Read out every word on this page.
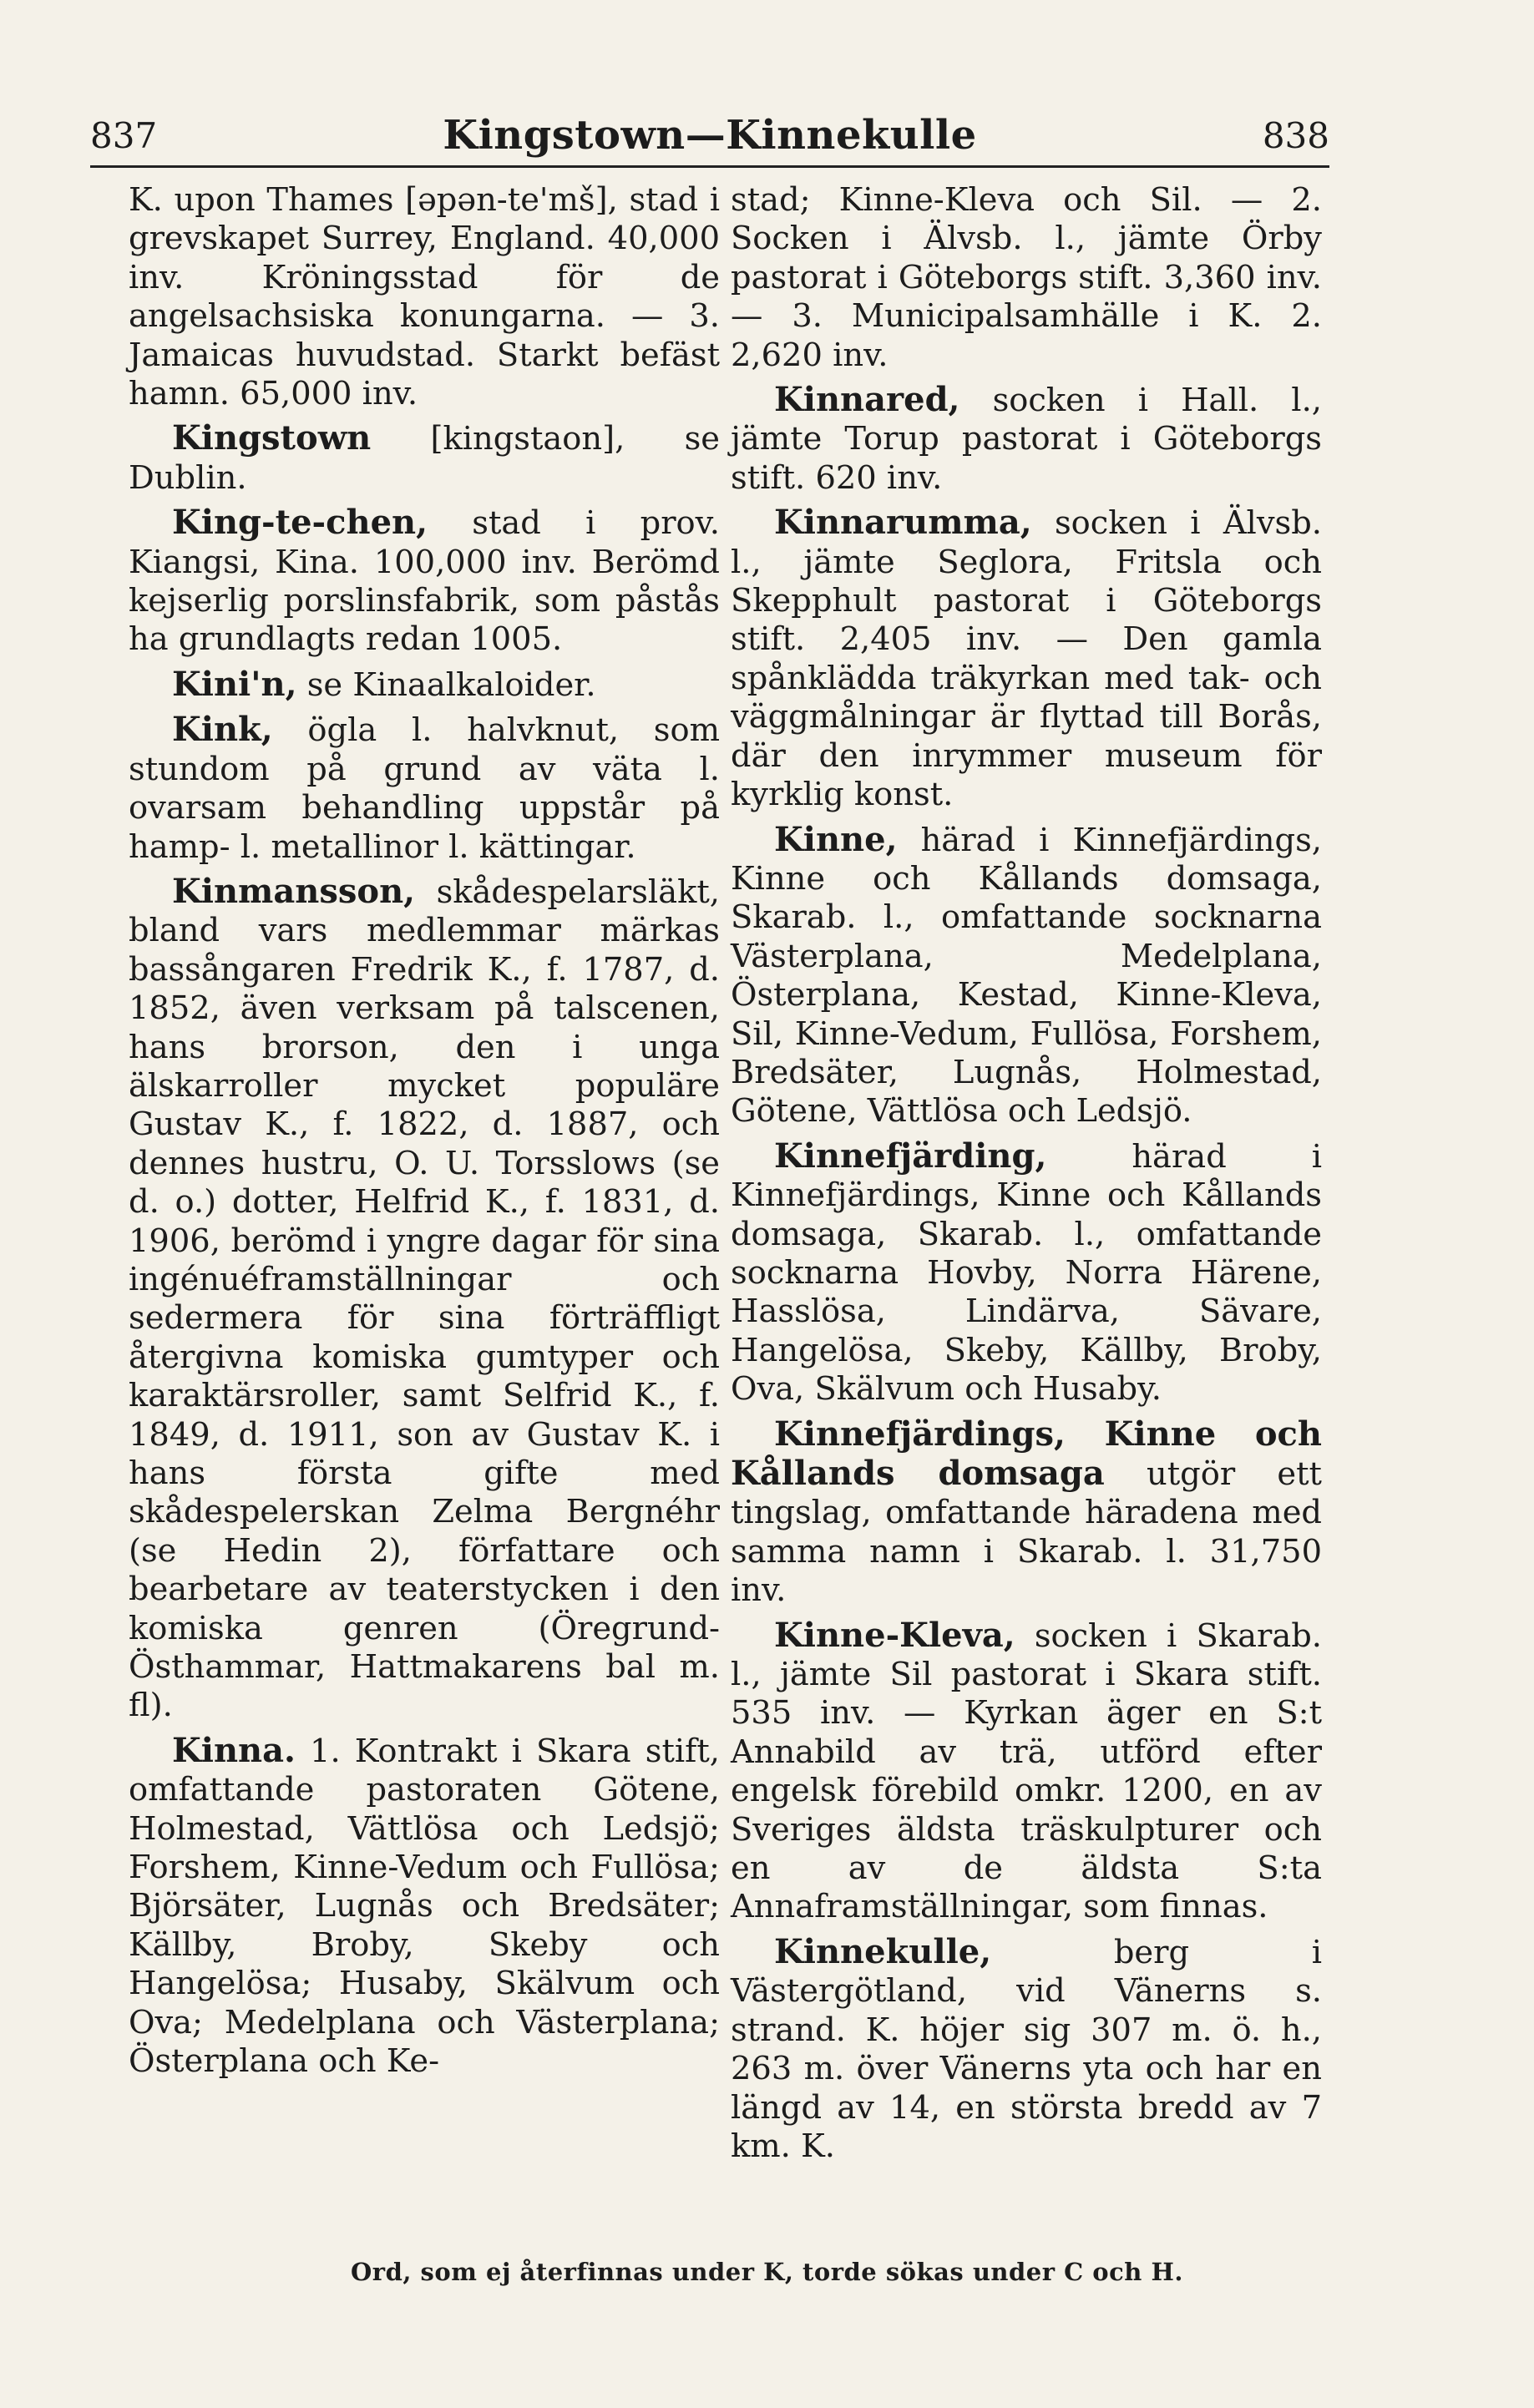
837	Kingstown—Kinnekulle	838

K. upon Thames [əpən-te'mš], stad i grevskapet Surrey, England. 40,000 inv. Kröningsstad för de angelsachsiska konungarna. — 3. Jamaicas huvudstad. Starkt befäst hamn. 65,000 inv.

Kingstown [kingstaon], se Dublin.

King-te-chen, stad i prov. Kiangsi, Kina. 100,000 inv. Berömd kejserlig porslinsfabrik, som påstås ha grundlagts redan 1005.

Kini'n, se Kinaalkaloider.

Kink, ögla l. halvknut, som stundom på grund av väta l. ovarsam behandling uppstår på hamp- l. metallinor l. kättingar.

Kinmansson, skådespelarsläkt, bland vars medlemmar märkas bassångaren Fredrik K., f. 1787, d. 1852, även verksam på talscenen, hans brorson, den i unga älskarroller mycket populäre Gustav K., f. 1822, d. 1887, och dennes hustru, O. U. Torsslows (se d. o.) dotter, Helfrid K., f. 1831, d. 1906, berömd i yngre dagar för sina ingénuéframställningar och sedermera för sina förträffligt återgivna komiska gumtyper och karaktärsroller, samt Selfrid K., f. 1849, d. 1911, son av Gustav K. i hans första gifte med skådespelerskan Zelma Bergnéhr (se Hedin 2), författare och bearbetare av teaterstycken i den komiska genren (Öregrund-Östhammar, Hattmakarens bal m. fl).

Kinna. 1. Kontrakt i Skara stift, omfattande pastoraten Götene, Holmestad, Vättlösa och Ledsjö; Forshem, Kinne-Vedum och Fullösa; Björsäter, Lugnås och Bredsäter; Källby, Broby, Skeby och Hangelösa; Husaby, Skälvum och Ova; Medelplana och Västerplana; Österplana och Ke-

stad; Kinne-Kleva och Sil. — 2. Socken i Älvsb. l., jämte Örby pastorat i Göteborgs stift. 3,360 inv. — 3. Municipalsamhälle i K. 2. 2,620 inv.

Kinnared, socken i Hall. l., jämte Torup pastorat i Göteborgs stift. 620 inv.

Kinnarumma, socken i Älvsb. l., jämte Seglora, Fritsla och Skepphult pastorat i Göteborgs stift. 2,405 inv. — Den gamla spånklädda träkyrkan med tak- och väggmålningar är flyttad till Borås, där den inrymmer museum för kyrklig konst.

Kinne, härad i Kinnefjärdings, Kinne och Kållands domsaga, Skarab. l., omfattande socknarna Västerplana, Medelplana, Österplana, Kestad, Kinne-Kleva, Sil, Kinne-Vedum, Fullösa, Forshem, Bredsäter, Lugnås, Holmestad, Götene, Vättlösa och Ledsjö.

Kinnefjärding, härad i Kinnefjärdings, Kinne och Kållands domsaga, Skarab. l., omfattande socknarna Hovby, Norra Härene, Hasslösa, Lindärva, Sävare, Hangelösa, Skeby, Källby, Broby, Ova, Skälvum och Husaby.

Kinnefjärdings, Kinne och Kållands domsaga utgör ett tingslag, omfattande häradena med samma namn i Skarab. l. 31,750 inv.

Kinne-Kleva, socken i Skarab. l., jämte Sil pastorat i Skara stift. 535 inv. — Kyrkan äger en S:t Annabild av trä, utförd efter engelsk förebild omkr. 1200, en av Sveriges äldsta träskulpturer och en av de äldsta S:ta Annaframställningar, som finnas.

Kinnekulle, berg i Västergötland, vid Vänerns s. strand. K. höjer sig 307 m. ö. h., 263 m. över Vänerns yta och har en längd av 14, en största bredd av 7 km. K.

Ord, som ej återfinnas under K, torde sökas under C och H.
